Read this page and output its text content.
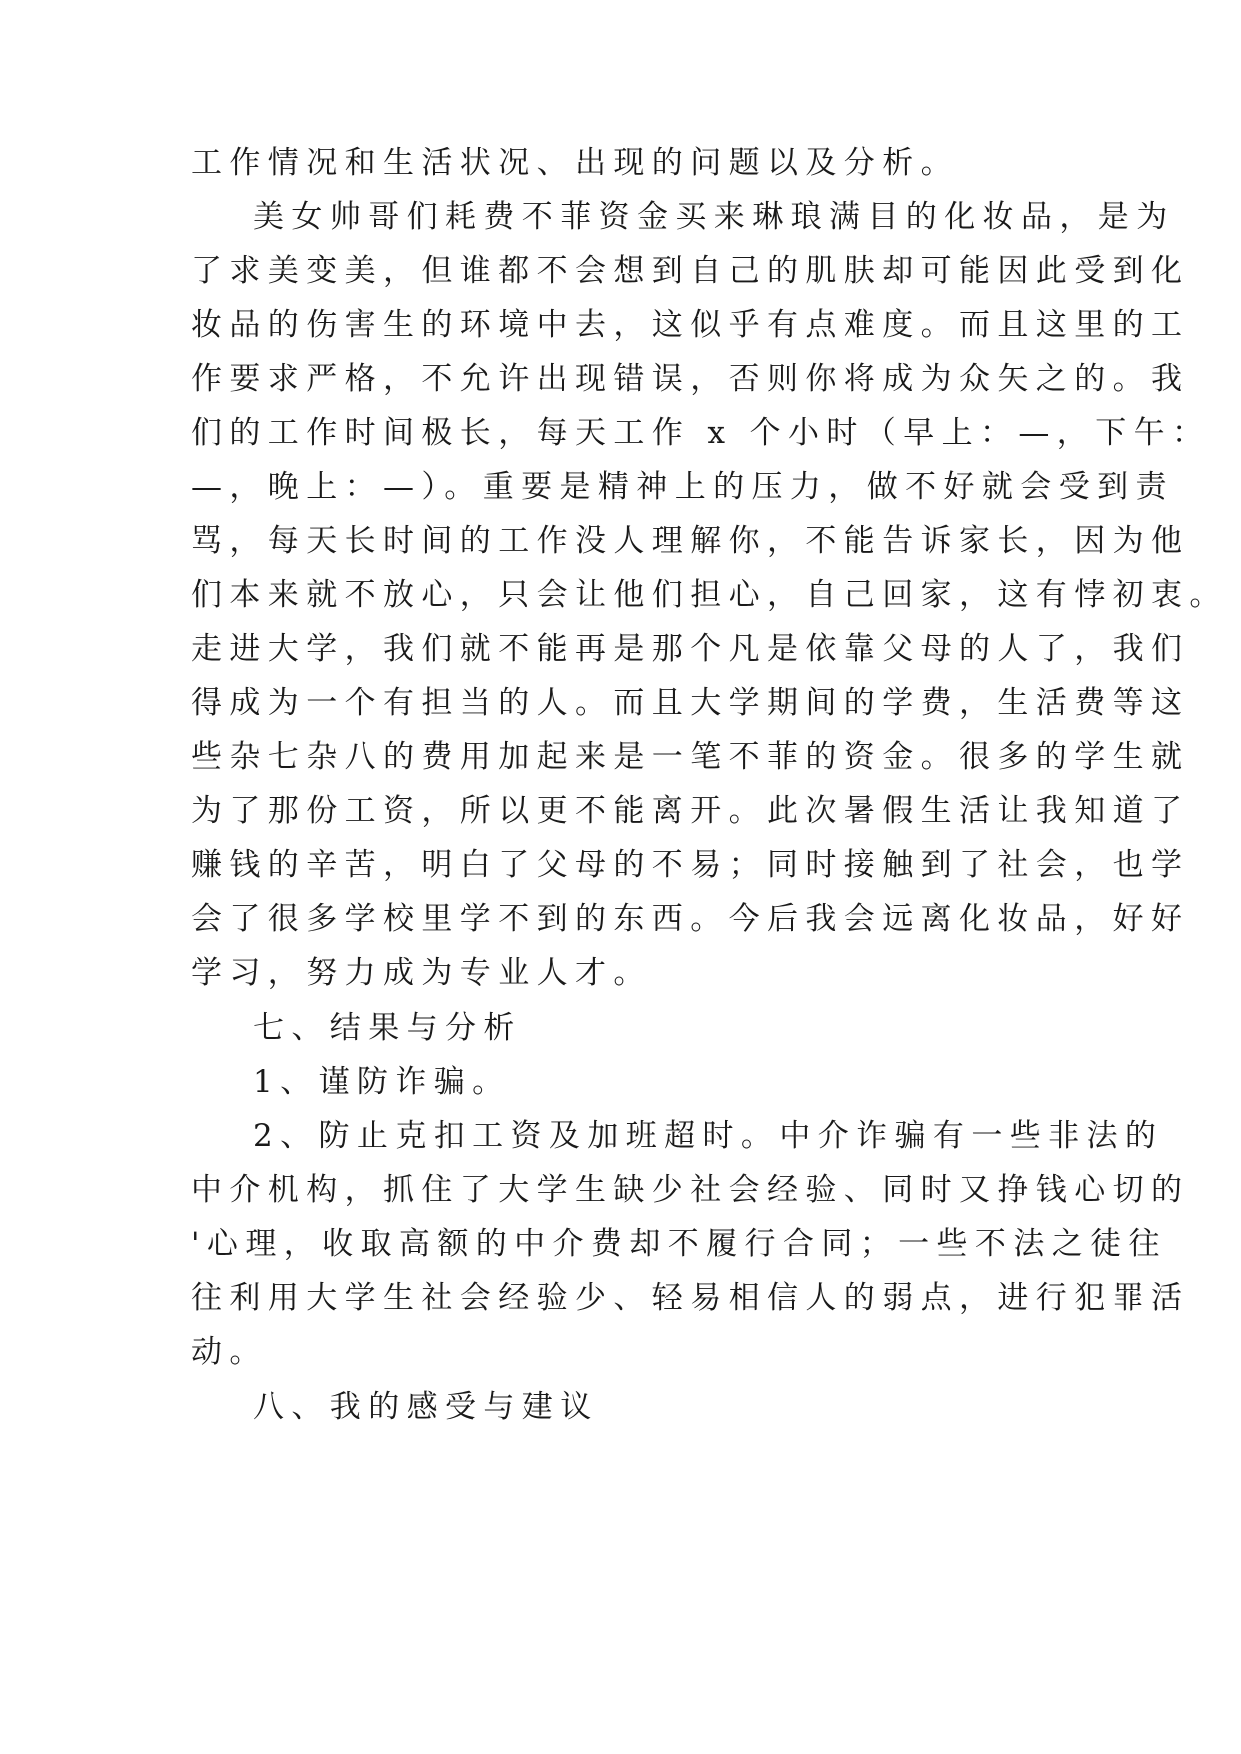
工作情况和生活状况、出现的问题以及分析。
美女帅哥们耗费不菲资金买来琳琅满目的化妆品，是为
了求美变美，但谁都不会想到自己的肌肤却可能因此受到化
妆品的伤害生的环境中去，这似乎有点难度。而且这里的工
作要求严格，不允许出现错误，否则你将成为众矢之的。我
们的工作时间极长，每天工作 x 个小时（早上：—，下午：
—，晚上：—）。重要是精神上的压力，做不好就会受到责
骂，每天长时间的工作没人理解你，不能告诉家长，因为他
们本来就不放心，只会让他们担心，自己回家，这有悖初衷。
走进大学，我们就不能再是那个凡是依靠父母的人了，我们
得成为一个有担当的人。而且大学期间的学费，生活费等这
些杂七杂八的费用加起来是一笔不菲的资金。很多的学生就
为了那份工资，所以更不能离开。此次暑假生活让我知道了
赚钱的辛苦，明白了父母的不易；同时接触到了社会，也学
会了很多学校里学不到的东西。今后我会远离化妆品，好好
学习，努力成为专业人才。
七、结果与分析
1、谨防诈骗。
2、防止克扣工资及加班超时。中介诈骗有一些非法的
中介机构，抓住了大学生缺少社会经验、同时又挣钱心切的
'心理，收取高额的中介费却不履行合同；一些不法之徒往
往利用大学生社会经验少、轻易相信人的弱点，进行犯罪活
动。
八、我的感受与建议
